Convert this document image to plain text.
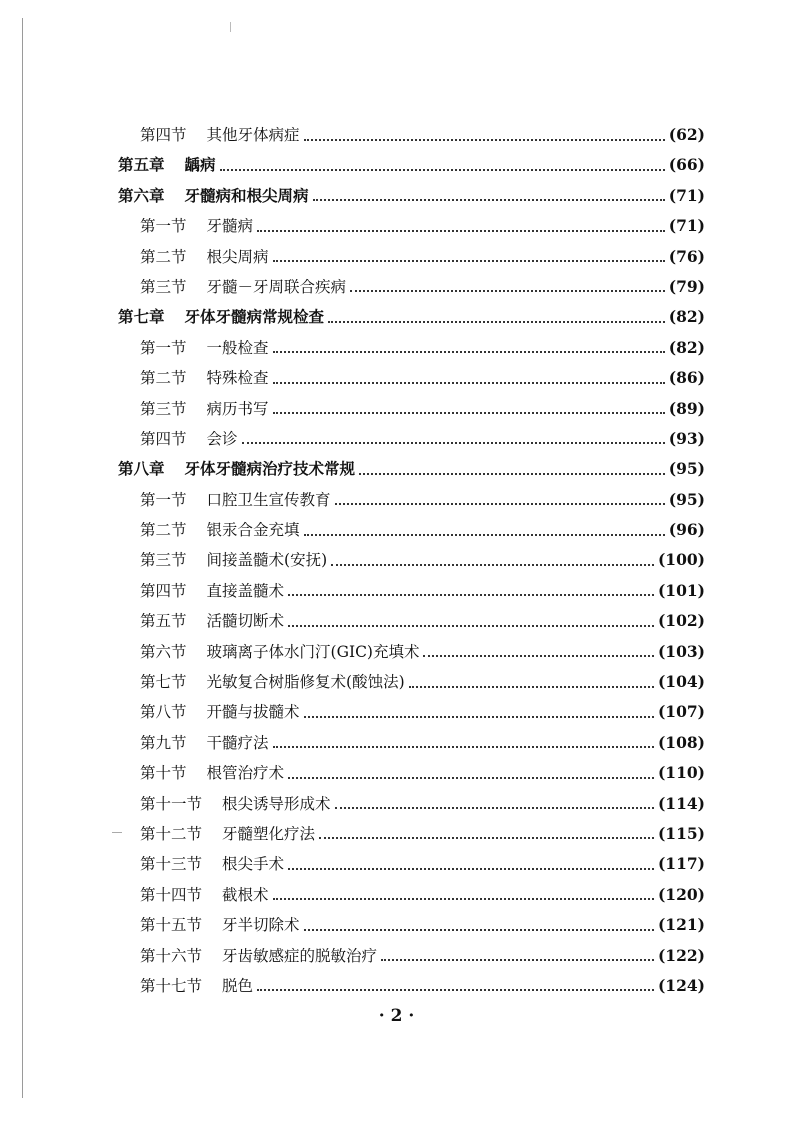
第四节 其他牙体病症	(62)
第五章 龋病	(66)
第六章 牙髓病和根尖周病	(71)
第一节 牙髓病	(71)
第二节 根尖周病	(76)
第三节 牙髓－牙周联合疾病	(79)
第七章 牙体牙髓病常规检查	(82)
第一节 一般检查	(82)
第二节 特殊检查	(86)
第三节 病历书写	(89)
第四节 会诊	(93)
第八章 牙体牙髓病治疗技术常规	(95)
第一节 口腔卫生宣传教育	(95)
第二节 银汞合金充填	(96)
第三节 间接盖髓术(安抚)	(100)
第四节 直接盖髓术	(101)
第五节 活髓切断术	(102)
第六节 玻璃离子体水门汀(GIC)充填术	(103)
第七节 光敏复合树脂修复术(酸蚀法)	(104)
第八节 开髓与拔髓术	(107)
第九节 干髓疗法	(108)
第十节 根管治疗术	(110)
第十一节 根尖诱导形成术	(114)
第十二节 牙髓塑化疗法	(115)
第十三节 根尖手术	(117)
第十四节 截根术	(120)
第十五节 牙半切除术	(121)
第十六节 牙齿敏感症的脱敏治疗	(122)
第十七节 脱色	(124)
· 2 ·
